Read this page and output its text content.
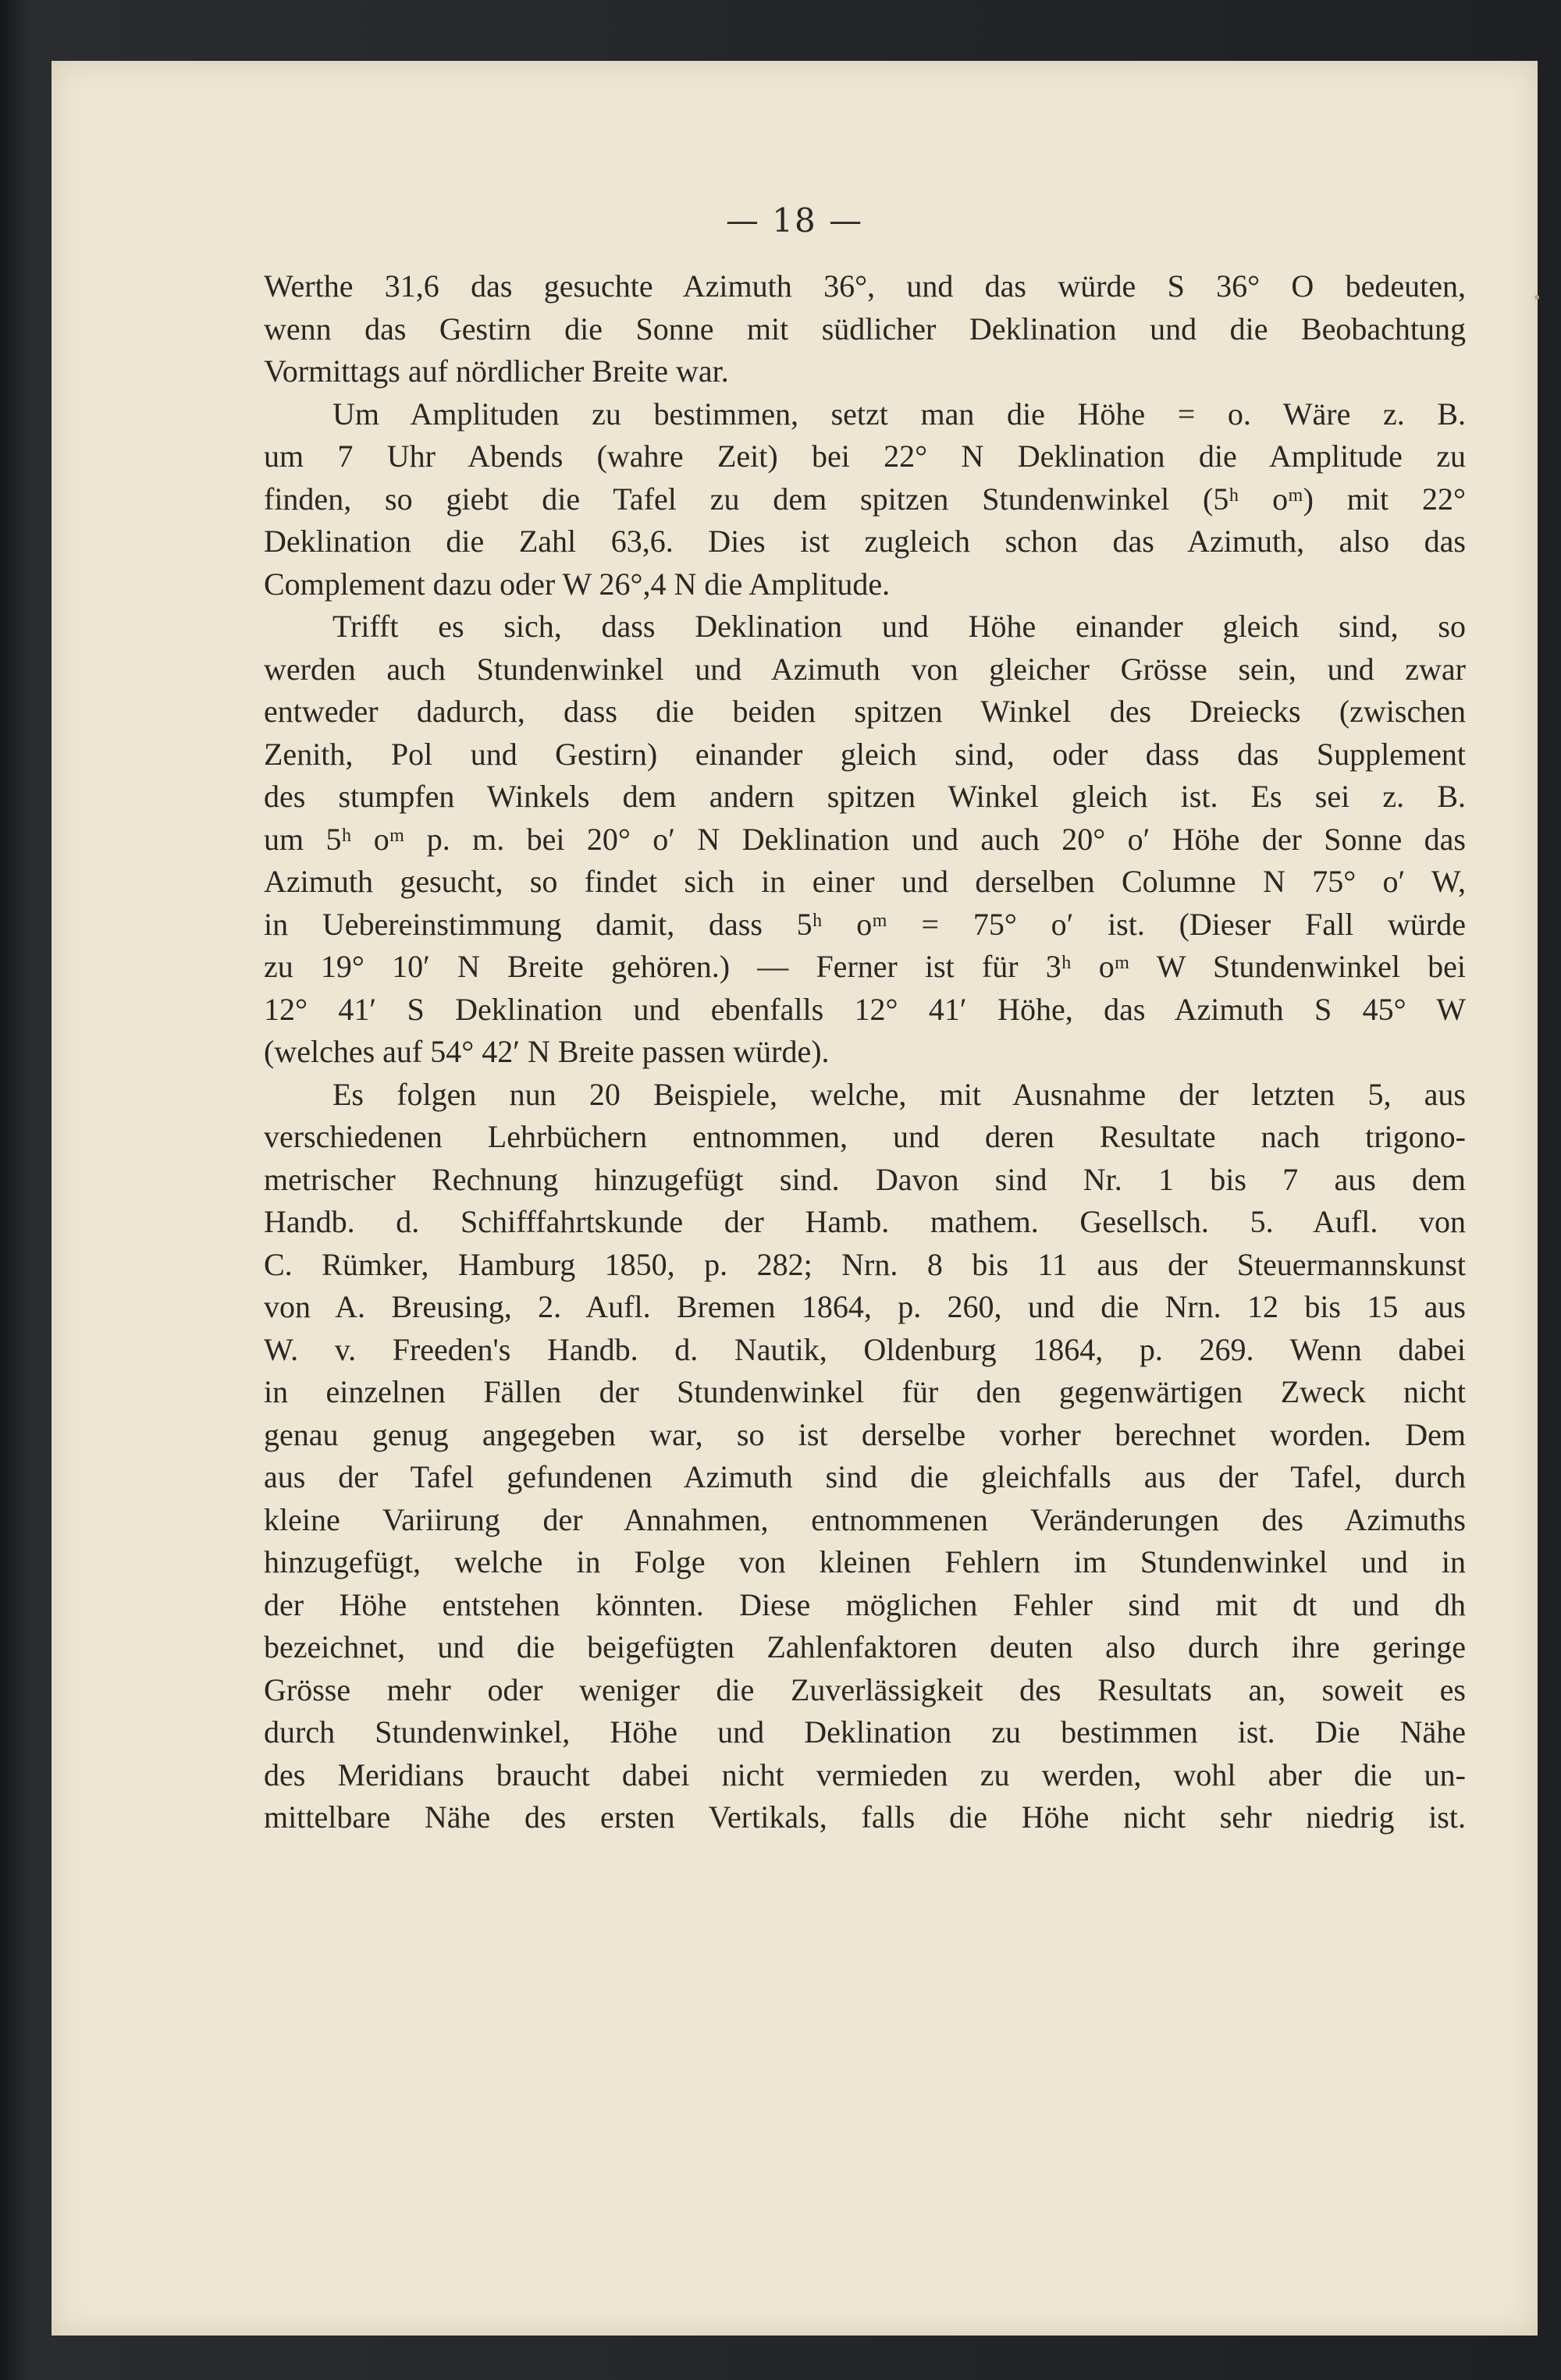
— 18 —
Werthe 31,6 das gesuchte Azimuth 36°, und das würde S 36° O bedeuten,
wenn das Gestirn die Sonne mit südlicher Deklination und die Beobachtung
Vormittags auf nördlicher Breite war.
Um Amplituden zu bestimmen, setzt man die Höhe = o. Wäre z. B.
um 7 Uhr Abends (wahre Zeit) bei 22° N Deklination die Amplitude zu
finden, so giebt die Tafel zu dem spitzen Stundenwinkel (5ʰ oᵐ) mit 22°
Deklination die Zahl 63,6. Dies ist zugleich schon das Azimuth, also das
Complement dazu oder W 26°,4 N die Amplitude.
Trifft es sich, dass Deklination und Höhe einander gleich sind, so
werden auch Stundenwinkel und Azimuth von gleicher Grösse sein, und zwar
entweder dadurch, dass die beiden spitzen Winkel des Dreiecks (zwischen
Zenith, Pol und Gestirn) einander gleich sind, oder dass das Supplement
des stumpfen Winkels dem andern spitzen Winkel gleich ist. Es sei z. B.
um 5ʰ oᵐ p. m. bei 20° o′ N Deklination und auch 20° o′ Höhe der Sonne das
Azimuth gesucht, so findet sich in einer und derselben Columne N 75° o′ W,
in Uebereinstimmung damit, dass 5ʰ oᵐ = 75° o′ ist. (Dieser Fall würde
zu 19° 10′ N Breite gehören.) — Ferner ist für 3ʰ oᵐ W Stundenwinkel bei
12° 41′ S Deklination und ebenfalls 12° 41′ Höhe, das Azimuth S 45° W
(welches auf 54° 42′ N Breite passen würde).
Es folgen nun 20 Beispiele, welche, mit Ausnahme der letzten 5, aus
verschiedenen Lehrbüchern entnommen, und deren Resultate nach trigono-
metrischer Rechnung hinzugefügt sind. Davon sind Nr. 1 bis 7 aus dem
Handb. d. Schifffahrtskunde der Hamb. mathem. Gesellsch. 5. Aufl. von
C. Rümker, Hamburg 1850, p. 282; Nrn. 8 bis 11 aus der Steuermannskunst
von A. Breusing, 2. Aufl. Bremen 1864, p. 260, und die Nrn. 12 bis 15 aus
W. v. Freeden's Handb. d. Nautik, Oldenburg 1864, p. 269. Wenn dabei
in einzelnen Fällen der Stundenwinkel für den gegenwärtigen Zweck nicht
genau genug angegeben war, so ist derselbe vorher berechnet worden. Dem
aus der Tafel gefundenen Azimuth sind die gleichfalls aus der Tafel, durch
kleine Variirung der Annahmen, entnommenen Veränderungen des Azimuths
hinzugefügt, welche in Folge von kleinen Fehlern im Stundenwinkel und in
der Höhe entstehen könnten. Diese möglichen Fehler sind mit dt und dh
bezeichnet, und die beigefügten Zahlenfaktoren deuten also durch ihre geringe
Grösse mehr oder weniger die Zuverlässigkeit des Resultats an, soweit es
durch Stundenwinkel, Höhe und Deklination zu bestimmen ist. Die Nähe
des Meridians braucht dabei nicht vermieden zu werden, wohl aber die un-
mittelbare Nähe des ersten Vertikals, falls die Höhe nicht sehr niedrig ist.
